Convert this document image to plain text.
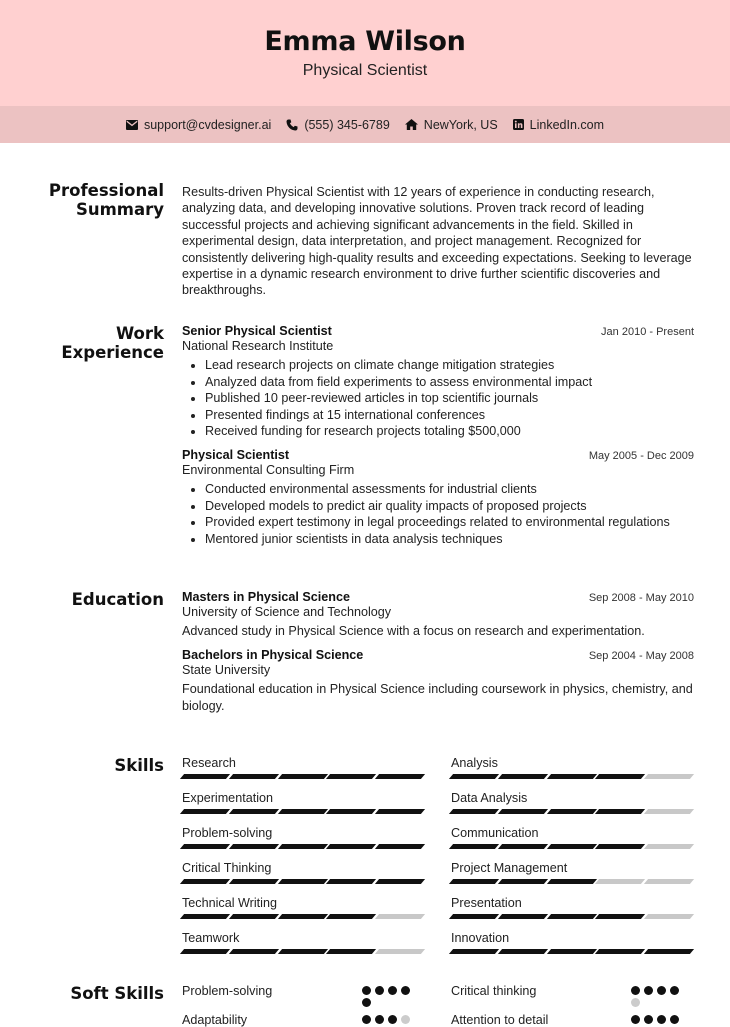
Emma Wilson
Physical Scientist
support@cvdesigner.ai	(555) 345-6789	NewYork, US	LinkedIn.com
Professional
Summary
Results-driven Physical Scientist with 12 years of experience in conducting research, analyzing data, and developing innovative solutions. Proven track record of leading successful projects and achieving significant advancements in the field. Skilled in experimental design, data interpretation, and project management. Recognized for consistently delivering high-quality results and exceeding expectations. Seeking to leverage expertise in a dynamic research environment to drive further scientific discoveries and breakthroughs.
Work
Experience
Senior Physical Scientist	Jan 2010 - Present
National Research Institute
• Lead research projects on climate change mitigation strategies
• Analyzed data from field experiments to assess environmental impact
• Published 10 peer-reviewed articles in top scientific journals
• Presented findings at 15 international conferences
• Received funding for research projects totaling $500,000
Physical Scientist	May 2005 - Dec 2009
Environmental Consulting Firm
• Conducted environmental assessments for industrial clients
• Developed models to predict air quality impacts of proposed projects
• Provided expert testimony in legal proceedings related to environmental regulations
• Mentored junior scientists in data analysis techniques
Education Masters in Physical Science	Sep 2008 - May 2010
University of Science and Technology
Advanced study in Physical Science with a focus on research and experimentation.
Bachelors in Physical Science	Sep 2004 - May 2008
State University
Foundational education in Physical Science including coursework in physics, chemistry, and biology.
Skills Research	Analysis
Experimentation	Data Analysis
Problem-solving	Communication
Critical Thinking	Project Management
Technical Writing	Presentation
Teamwork	Innovation
Soft Skills Problem-solving	Critical thinking
Adaptability	Attention to detail
